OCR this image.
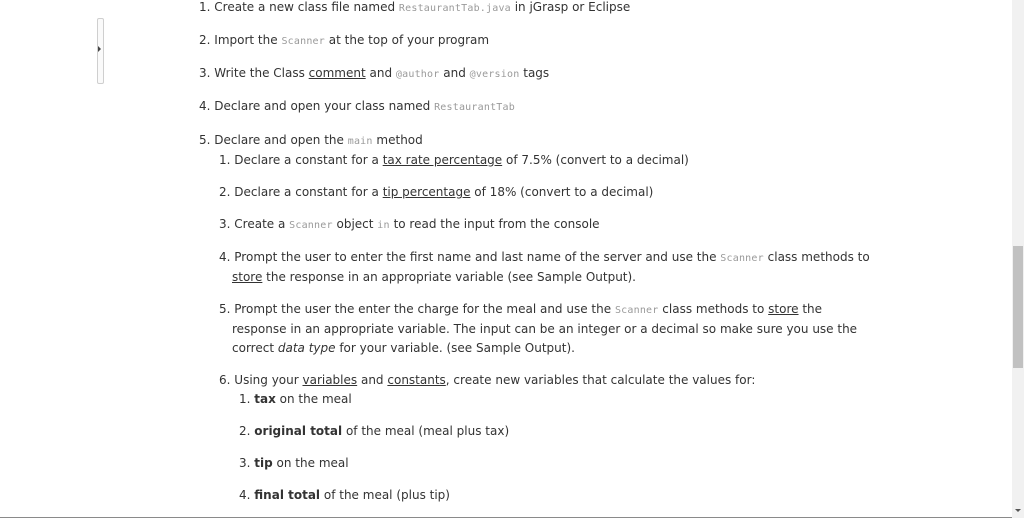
1. Create a new class file named RestaurantTab.java in jGrasp or Eclipse
2. Import the Scanner at the top of your program
3. Write the Class comment and @author and @version tags
4. Declare and open your class named RestaurantTab
5. Declare and open the main method
1. Declare a constant for a tax rate percentage of 7.5% (convert to a decimal)
2. Declare a constant for a tip percentage of 18% (convert to a decimal)
3. Create a Scanner object in to read the input from the console
4. Prompt the user to enter the first name and last name of the server and use the Scanner class methods to
store the response in an appropriate variable (see Sample Output).
5. Prompt the user the enter the charge for the meal and use the Scanner class methods to store the
response in an appropriate variable. The input can be an integer or a decimal so make sure you use the
correct data type for your variable. (see Sample Output).
6. Using your variables and constants, create new variables that calculate the values for:
1. tax on the meal
2. original total of the meal (meal plus tax)
3. tip on the meal
4. final total of the meal (plus tip)
